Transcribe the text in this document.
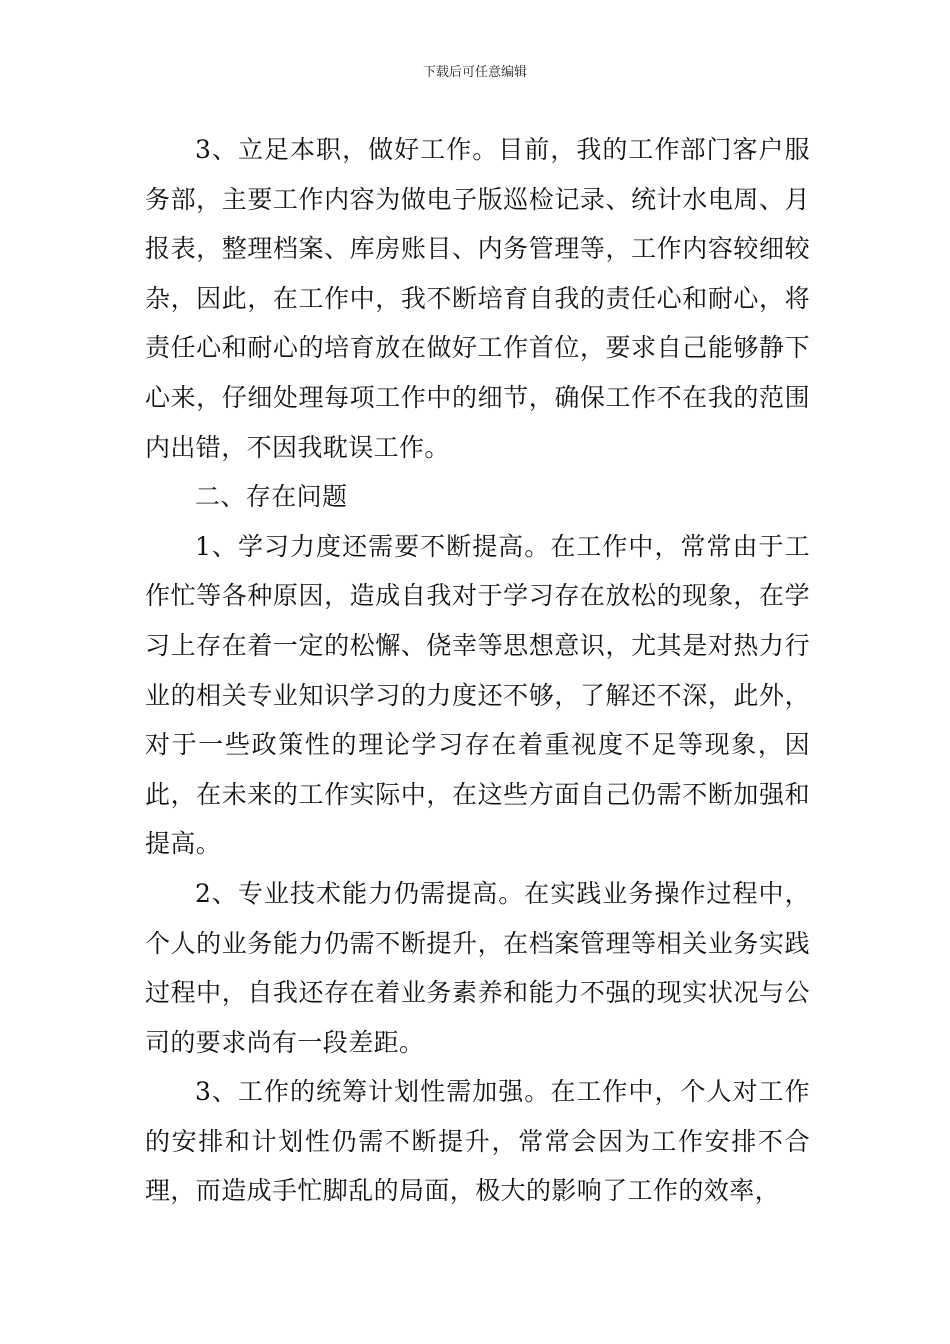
下载后可任意编辑

3、立足本职，做好工作。目前，我的工作部门客户服务部，主要工作内容为做电子版巡检记录、统计水电周、月报表，整理档案、库房账目、内务管理等，工作内容较细较杂，因此，在工作中，我不断培育自我的责任心和耐心，将责任心和耐心的培育放在做好工作首位，要求自己能够静下心来，仔细处理每项工作中的细节，确保工作不在我的范围内出错，不因我耽误工作。

二、存在问题

1、学习力度还需要不断提高。在工作中，常常由于工作忙等各种原因，造成自我对于学习存在放松的现象，在学习上存在着一定的松懈、侥幸等思想意识，尤其是对热力行业的相关专业知识学习的力度还不够，了解还不深，此外，对于一些政策性的理论学习存在着重视度不足等现象，因此，在未来的工作实际中，在这些方面自己仍需不断加强和提高。

2、专业技术能力仍需提高。在实践业务操作过程中，个人的业务能力仍需不断提升，在档案管理等相关业务实践过程中，自我还存在着业务素养和能力不强的现实状况与公司的要求尚有一段差距。

3、工作的统筹计划性需加强。在工作中，个人对工作的安排和计划性仍需不断提升，常常会因为工作安排不合理，而造成手忙脚乱的局面，极大的影响了工作的效率，
